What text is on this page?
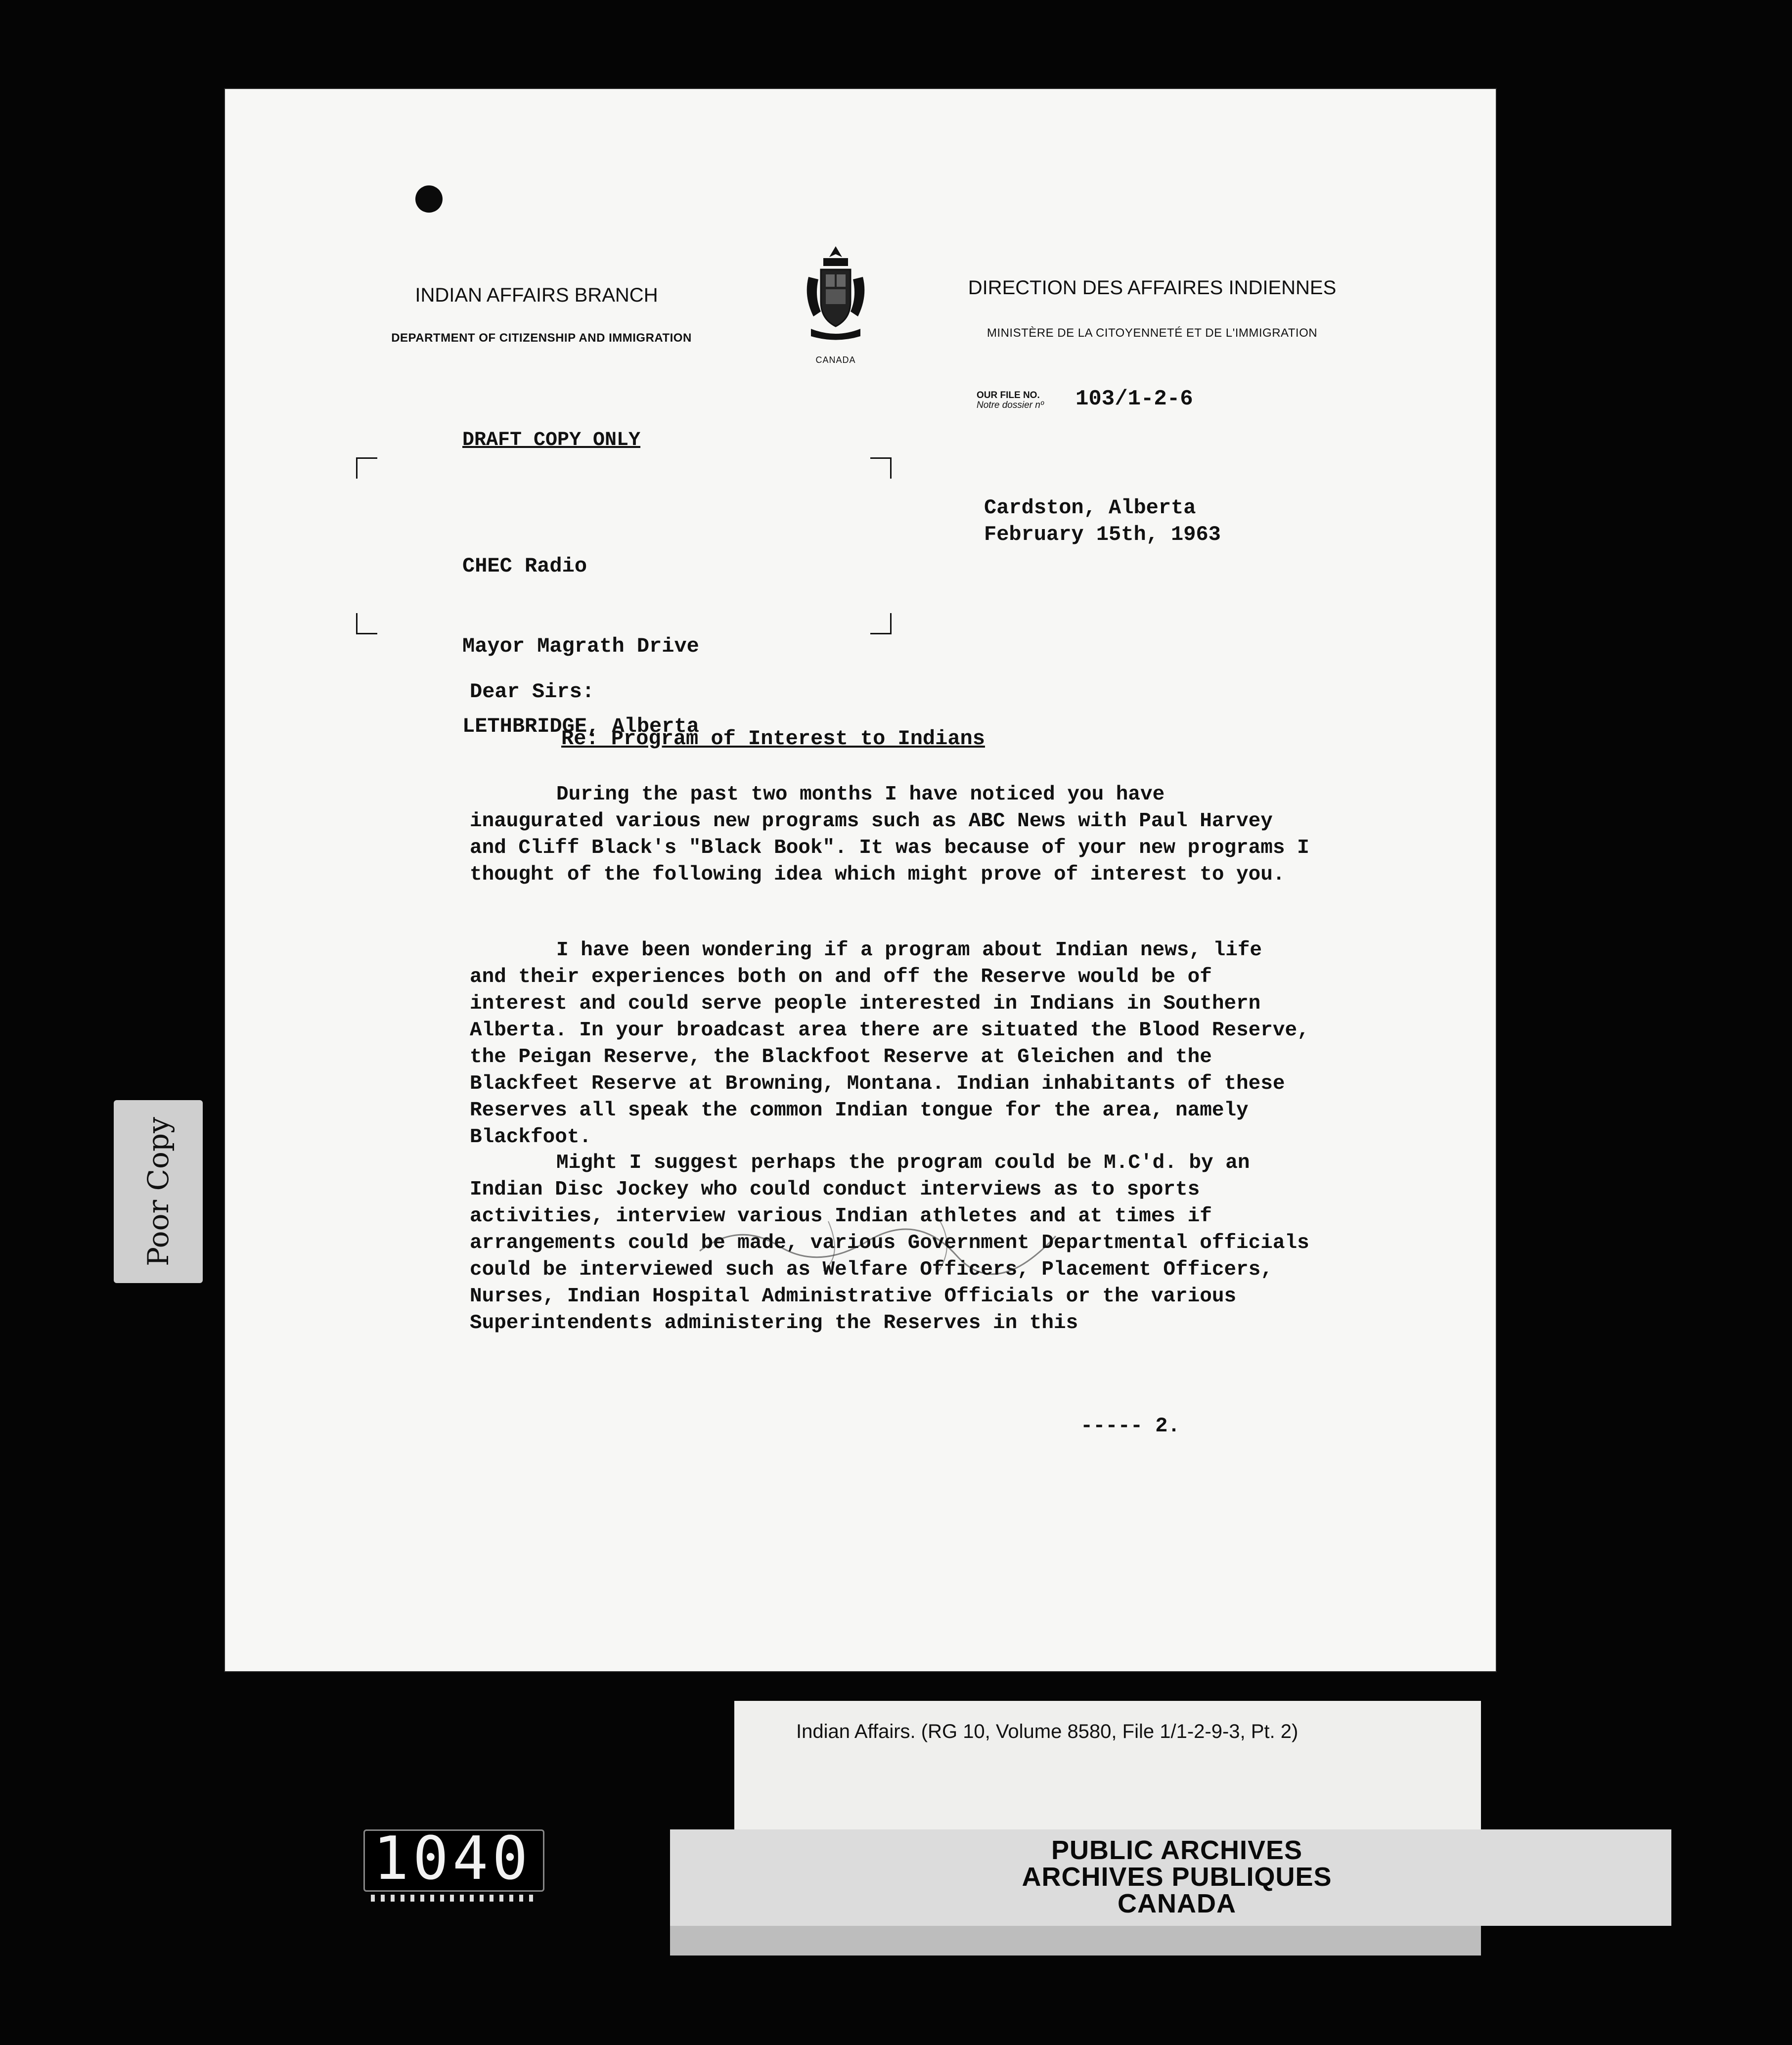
INDIAN AFFAIRS BRANCH
DEPARTMENT OF CITIZENSHIP AND IMMIGRATION
CANADA
DIRECTION DES AFFAIRES INDIENNES
MINISTÈRE DE LA CITOYENNETÉ ET DE L'IMMIGRATION
OUR FILE NO.
Notre dossier nº 103/1-2-6
DRAFT COPY ONLY

CHEC Radio

Mayor Magrath Drive

LETHBRIDGE, Alberta

Cardston, Alberta
February 15th, 1963
Dear Sirs:
Re: Program of Interest to Indians

During the past two months I have noticed you have inaugurated various new programs such as ABC News with Paul Harvey and Cliff Black's "Black Book". It was because of your new programs I thought of the following idea which might prove of interest to you.

I have been wondering if a program about Indian news, life and their experiences both on and off the Reserve would be of interest and could serve people interested in Indians in Southern Alberta. In your broadcast area there are situated the Blood Reserve, the Peigan Reserve, the Blackfoot Reserve at Gleichen and the Blackfeet Reserve at Browning, Montana. Indian inhabitants of these Reserves all speak the common Indian tongue for the area, namely Blackfoot.

Might I suggest perhaps the program could be M.C'd. by an Indian Disc Jockey who could conduct interviews as to sports activities, interview various Indian athletes and at times if arrangements could be made, various Government Departmental officials could be interviewed such as Welfare Officers, Placement Officers, Nurses, Indian Hospital Administrative Officials or the various Superintendents administering the Reserves in this

----- 2.
Poor Copy
Indian Affairs. (RG 10, Volume 8580, File 1/1-2-9-3, Pt. 2)
PUBLIC ARCHIVES
ARCHIVES PUBLIQUES
CANADA
1040
